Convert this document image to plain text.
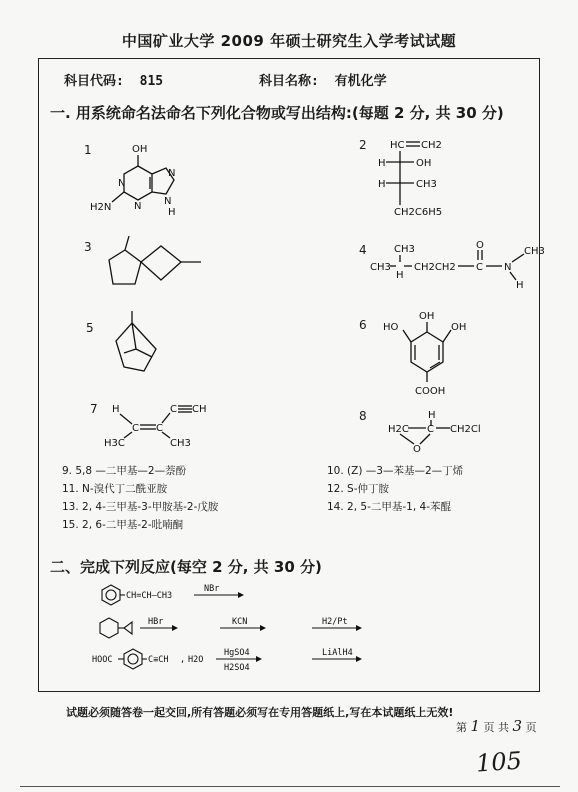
中国矿业大学 2009 年硕士研究生入学考试试题
科目代码: 815	科目名称: 有机化学
一. 用系统命名法命名下列化合物或写出结构:(每题 2 分, 共 30 分)
1	2
3	4
5	6
7	8
OH
N
N
N
N
H2N	H
HC CH2
H	OH
H	CH3
CH2C6H5
CH3
CH3 CH2CH2 C
O
N
CH3
H
H
OH
HO	OH
COOH
H
C C
C CH
H3C	CH3
H
H2C C CH2Cl
O
9. 5,8 —二甲基—2—萘酚	10. (Z) —3—苯基—2—丁烯
11. N-溴代丁二酰亚胺	12. S-仲丁胺
13. 2, 4-三甲基-3-甲胺基-2-戊胺	14. 2, 5-二甲基-1, 4-苯醌
15. 2, 6-二甲基-2-吡喃酮
二、完成下列反应(每空 2 分, 共 30 分)
CH=CH—CH3
NBr
HBr	KCN	H2/Pt
HOOC	C≡CH , H2O
HgSO4
H2SO4
LiAlH4
试题必须随答卷一起交回,所有答题必须写在专用答题纸上,写在本试题纸上无效!
第 1 页 共 3 页
105
